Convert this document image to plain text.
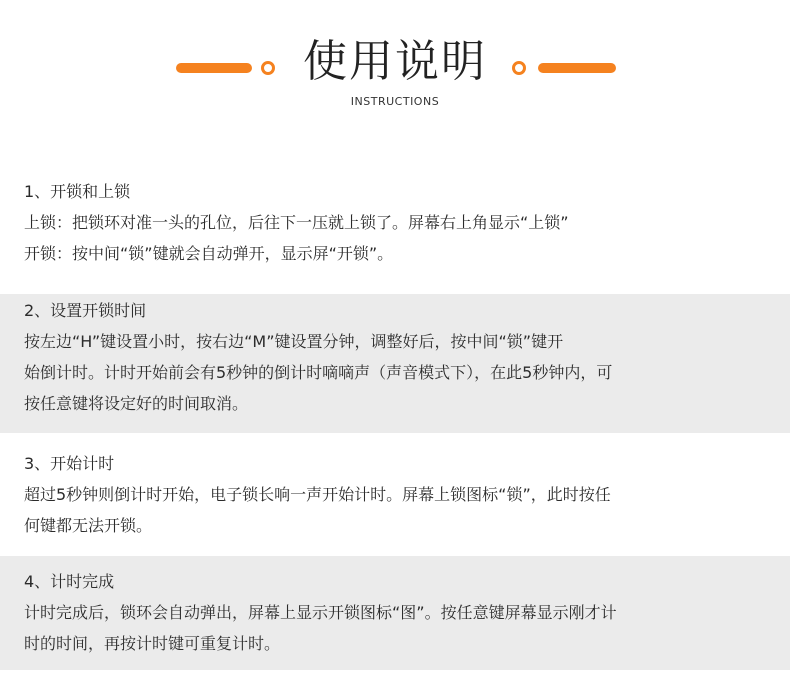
使用说明
INSTRUCTIONS
1、开锁和上锁
上锁：把锁环对准一头的孔位，后往下一压就上锁了。屏幕右上角显示“上锁”
开锁：按中间“锁”键就会自动弹开，显示屏“开锁”。
2、设置开锁时间
按左边“H”键设置小时，按右边“M”键设置分钟，调整好后，按中间“锁”键开
始倒计时。计时开始前会有5秒钟的倒计时嘀嘀声（声音模式下），在此5秒钟内，可
按任意键将设定好的时间取消。
3、开始计时
超过5秒钟则倒计时开始，电子锁长响一声开始计时。屏幕上锁图标“锁”，此时按任
何键都无法开锁。
4、计时完成
计时完成后，锁环会自动弹出，屏幕上显示开锁图标“图”。按任意键屏幕显示刚才计
时的时间，再按计时键可重复计时。
